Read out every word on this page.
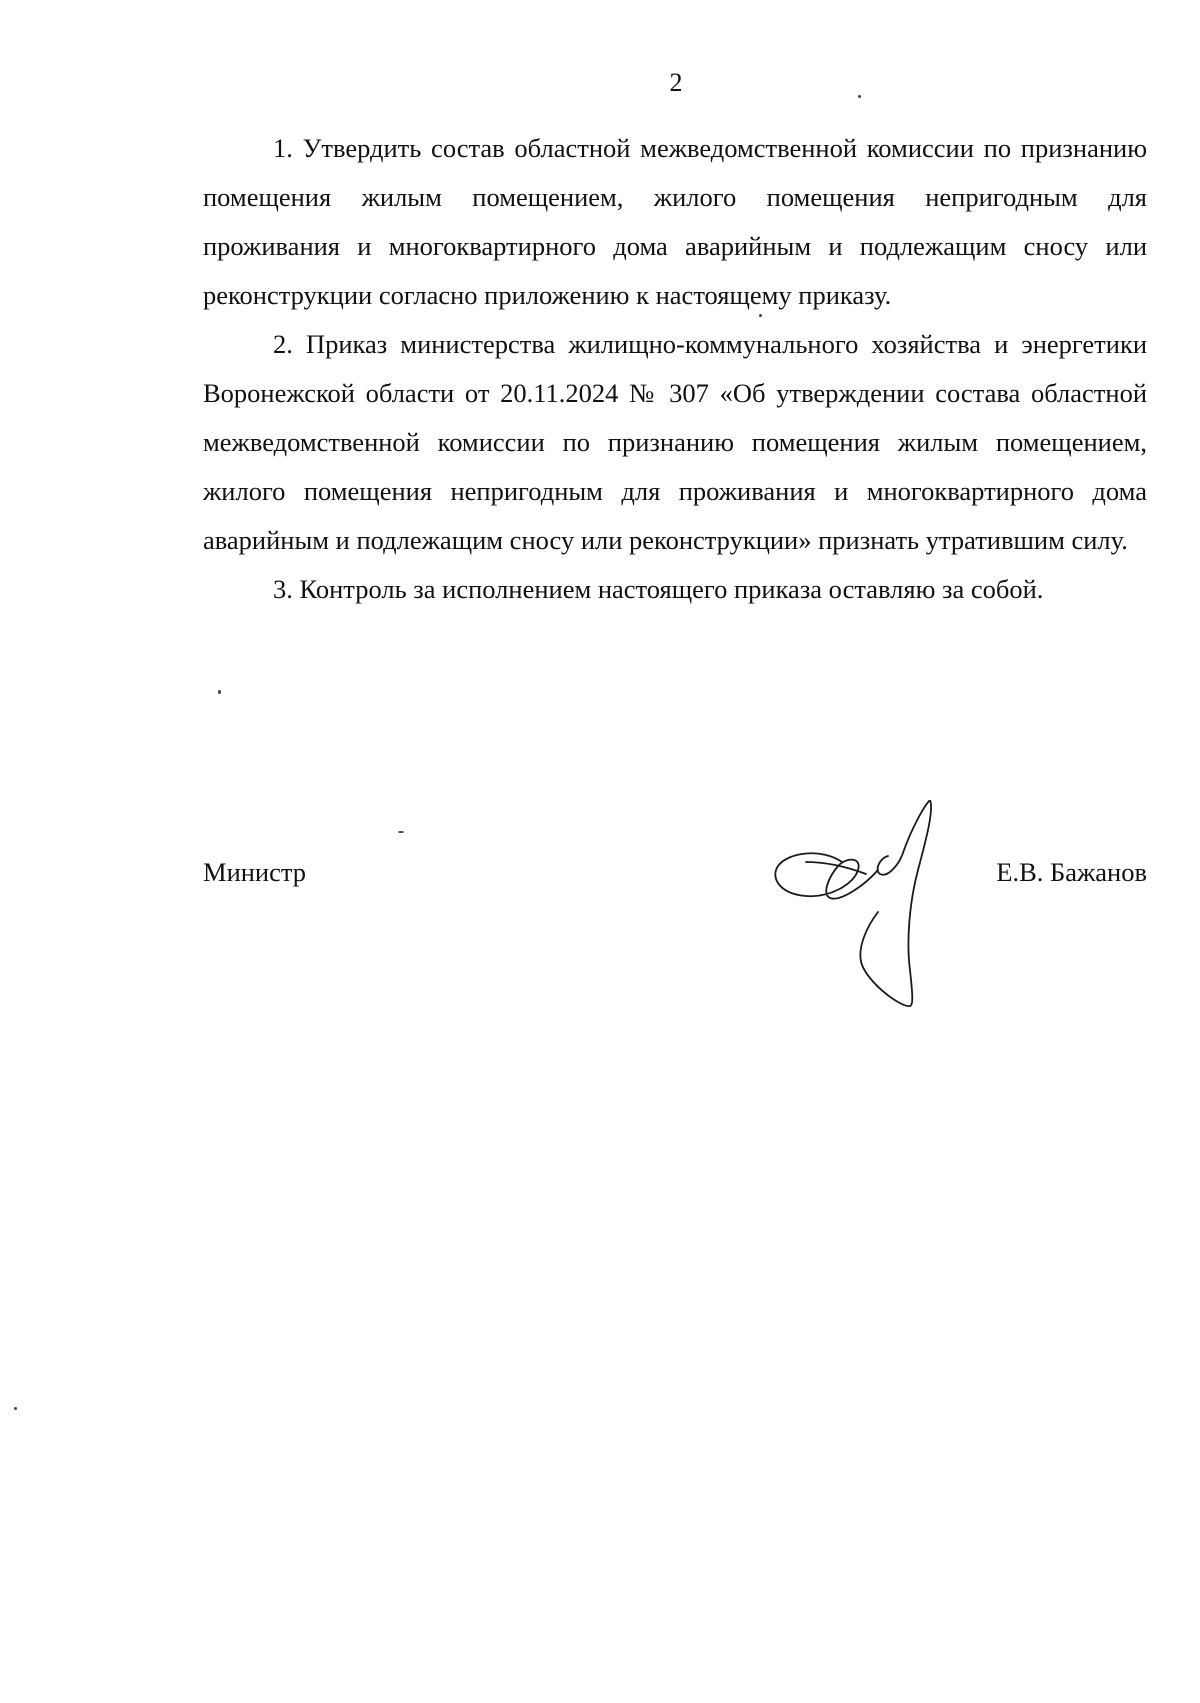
2

1. Утвердить состав областной межведомственной комиссии по признанию помещения жилым помещением, жилого помещения непригодным для проживания и многоквартирного дома аварийным и подлежащим сносу или реконструкции согласно приложению к настоящему приказу.

2. Приказ министерства жилищно-коммунального хозяйства и энергетики Воронежской области от 20.11.2024 № 307 «Об утверждении состава областной межведомственной комиссии по признанию помещения жилым помещением, жилого помещения непригодным для проживания и многоквартирного дома аварийным и подлежащим сносу или реконструкции» признать утратившим силу.

3. Контроль за исполнением настоящего приказа оставляю за собой.

Министр	Е.В. Бажанов
